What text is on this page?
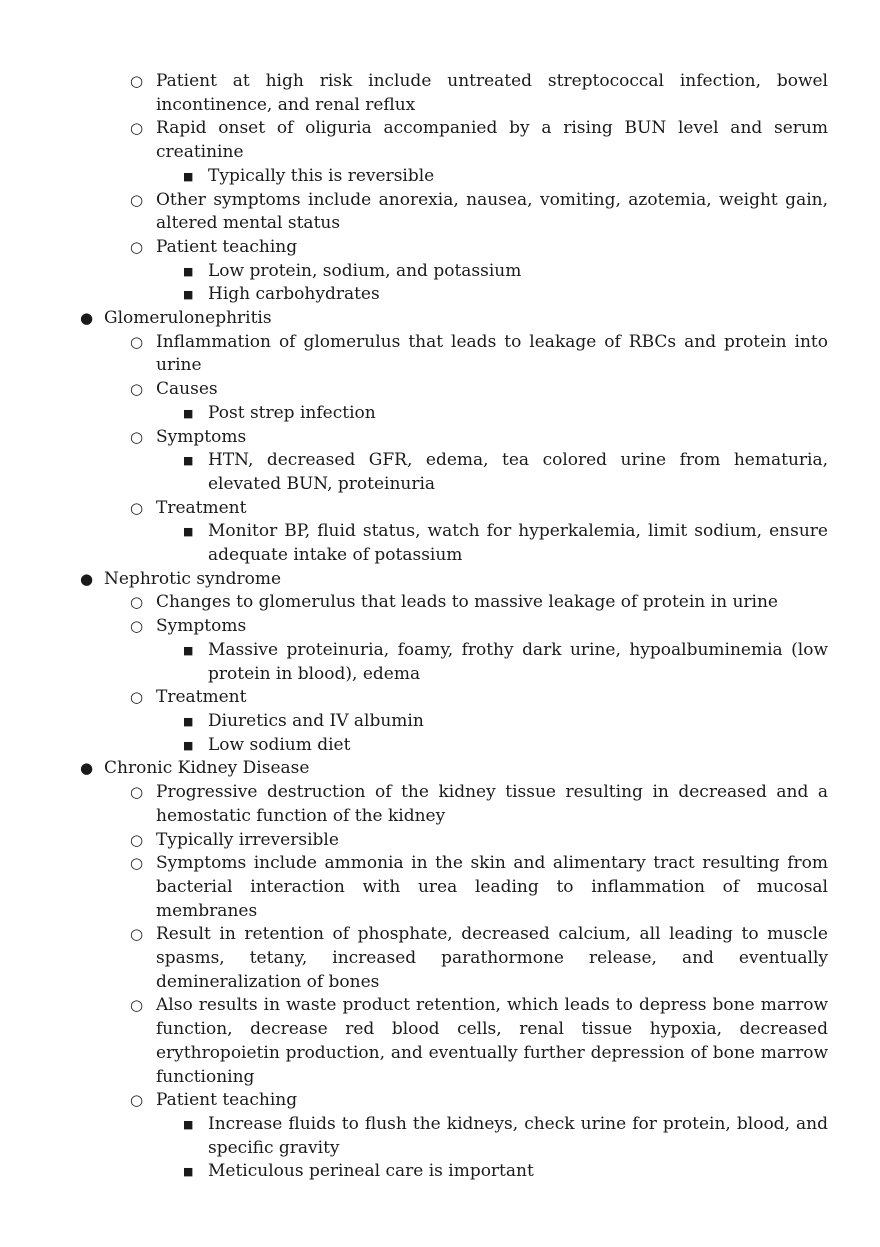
○ Patient at high risk include untreated streptococcal infection, bowel incontinence, and renal reflux
○ Rapid onset of oliguria accompanied by a rising BUN level and serum creatinine
■ Typically this is reversible
○ Other symptoms include anorexia, nausea, vomiting, azotemia, weight gain, altered mental status
○ Patient teaching
■ Low protein, sodium, and potassium
■ High carbohydrates
● Glomerulonephritis
○ Inflammation of glomerulus that leads to leakage of RBCs and protein into urine
○ Causes
■ Post strep infection
○ Symptoms
■ HTN, decreased GFR, edema, tea colored urine from hematuria, elevated BUN, proteinuria
○ Treatment
■ Monitor BP, fluid status, watch for hyperkalemia, limit sodium, ensure adequate intake of potassium
● Nephrotic syndrome
○ Changes to glomerulus that leads to massive leakage of protein in urine
○ Symptoms
■ Massive proteinuria, foamy, frothy dark urine, hypoalbuminemia (low protein in blood), edema
○ Treatment
■ Diuretics and IV albumin
■ Low sodium diet
● Chronic Kidney Disease
○ Progressive destruction of the kidney tissue resulting in decreased and a hemostatic function of the kidney
○ Typically irreversible
○ Symptoms include ammonia in the skin and alimentary tract resulting from bacterial interaction with urea leading to inflammation of mucosal membranes
○ Result in retention of phosphate, decreased calcium, all leading to muscle spasms, tetany, increased parathormone release, and eventually demineralization of bones
○ Also results in waste product retention, which leads to depress bone marrow function, decrease red blood cells, renal tissue hypoxia, decreased erythropoietin production, and eventually further depression of bone marrow functioning
○ Patient teaching
■ Increase fluids to flush the kidneys, check urine for protein, blood, and specific gravity
■ Meticulous perineal care is important
